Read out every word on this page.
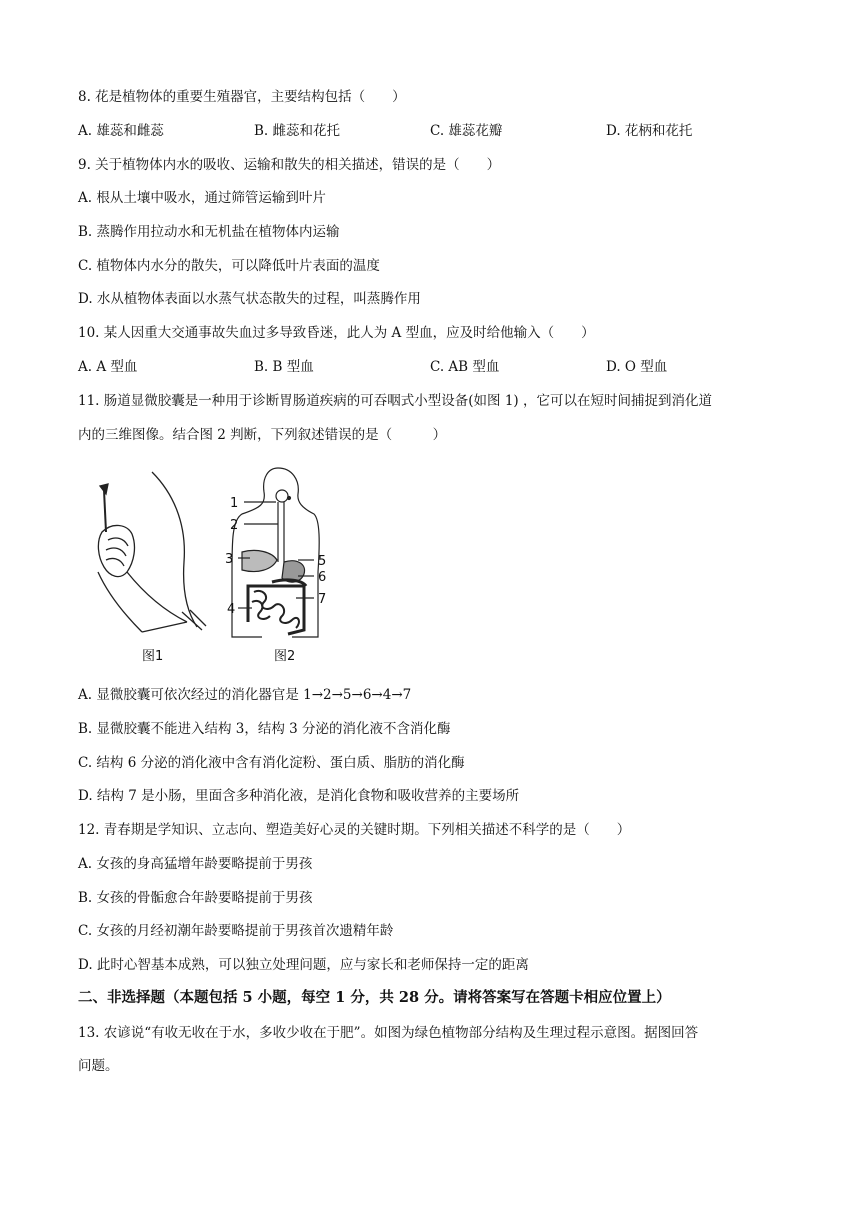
8. 花是植物体的重要生殖器官，主要结构包括（　　）
A. 雄蕊和雌蕊	B. 雌蕊和花托	C. 雄蕊花瓣	D. 花柄和花托
9. 关于植物体内水的吸收、运输和散失的相关描述，错误的是（　　）
A. 根从土壤中吸水，通过筛管运输到叶片
B. 蒸腾作用拉动水和无机盐在植物体内运输
C. 植物体内水分的散失，可以降低叶片表面的温度
D. 水从植物体表面以水蒸气状态散失的过程，叫蒸腾作用
10. 某人因重大交通事故失血过多导致昏迷，此人为 A 型血，应及时给他输入（　　）
A. A 型血	B. B 型血	C. AB 型血	D. O 型血
11. 肠道显微胶囊是一种用于诊断胃肠道疾病的可吞咽式小型设备(如图 1) ，它可以在短时间捕捉到消化道
内的三维图像。结合图 2 判断，下列叙述错误的是（　　　）
图1
1
2
3
4
5
6
7
图2
A. 显微胶囊可依次经过的消化器官是 1→2→5→6→4→7
B. 显微胶囊不能进入结构 3，结构 3 分泌的消化液不含消化酶
C. 结构 6 分泌的消化液中含有消化淀粉、蛋白质、脂肪的消化酶
D. 结构 7 是小肠，里面含多种消化液，是消化食物和吸收营养的主要场所
12. 青春期是学知识、立志向、塑造美好心灵的关键时期。下列相关描述不科学的是（　　）
A. 女孩的身高猛增年龄要略提前于男孩
B. 女孩的骨骺愈合年龄要略提前于男孩
C. 女孩的月经初潮年龄要略提前于男孩首次遗精年龄
D. 此时心智基本成熟，可以独立处理问题，应与家长和老师保持一定的距离
二、非选择题（本题包括 5 小题，每空 1 分，共 28 分。请将答案写在答题卡相应位置上）
13. 农谚说“有收无收在于水，多收少收在于肥”。如图为绿色植物部分结构及生理过程示意图。据图回答
问题。
